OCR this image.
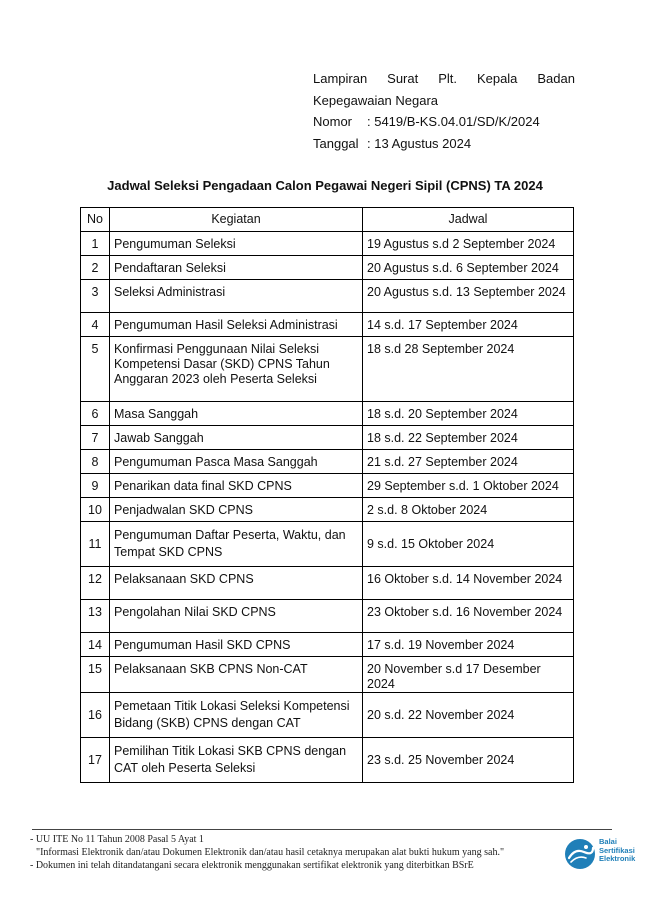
Lampiran Surat Plt. Kepala Badan
Kepegawaian Negara
Nomor : 5419/B-KS.04.01/SD/K/2024
Tanggal : 13 Agustus 2024
Jadwal Seleksi Pengadaan Calon Pegawai Negeri Sipil (CPNS) TA 2024
No	Kegiatan	Jadwal
1	Pengumuman Seleksi	19 Agustus s.d 2 September 2024
2	Pendaftaran Seleksi	20 Agustus s.d. 6 September 2024
3	Seleksi Administrasi	20 Agustus s.d. 13 September 2024
4	Pengumuman Hasil Seleksi Administrasi	14 s.d. 17 September 2024
5	Konfirmasi Penggunaan Nilai Seleksi Kompetensi Dasar (SKD) CPNS Tahun Anggaran 2023 oleh Peserta Seleksi	18 s.d 28 September 2024
6	Masa Sanggah	18 s.d. 20 September 2024
7	Jawab Sanggah	18 s.d. 22 September 2024
8	Pengumuman Pasca Masa Sanggah	21 s.d. 27 September 2024
9	Penarikan data final SKD CPNS	29 September s.d. 1 Oktober 2024
10	Penjadwalan SKD CPNS	2 s.d. 8 Oktober 2024
11	Pengumuman Daftar Peserta, Waktu, dan Tempat SKD CPNS	9 s.d. 15 Oktober 2024
12	Pelaksanaan SKD CPNS	16 Oktober s.d. 14 November 2024
13	Pengolahan Nilai SKD CPNS	23 Oktober s.d. 16 November 2024
14	Pengumuman Hasil SKD CPNS	17 s.d. 19 November 2024
15	Pelaksanaan SKB CPNS Non-CAT	20 November s.d 17 Desember 2024
16	Pemetaan Titik Lokasi Seleksi Kompetensi Bidang (SKB) CPNS dengan CAT	20 s.d. 22 November 2024
17	Pemilihan Titik Lokasi SKB CPNS dengan CAT oleh Peserta Seleksi	23 s.d. 25 November 2024
- UU ITE No 11 Tahun 2008 Pasal 5 Ayat 1
"Informasi Elektronik dan/atau Dokumen Elektronik dan/atau hasil cetaknya merupakan alat bukti hukum yang sah."
- Dokumen ini telah ditandatangani secara elektronik menggunakan sertifikat elektronik yang diterbitkan BSrE
Balai
Sertifikasi
Elektronik
